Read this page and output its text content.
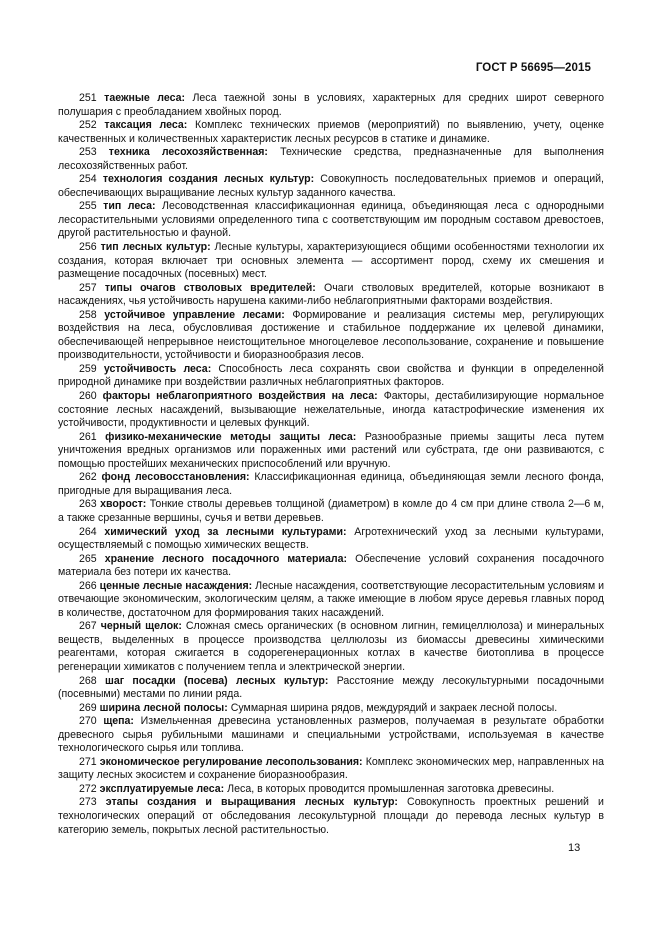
ГОСТ Р 56695—2015

251 таежные леса: Леса таежной зоны в условиях, характерных для средних широт северного полушария с преобладанием хвойных пород.

252 таксация леса: Комплекс технических приемов (мероприятий) по выявлению, учету, оценке качественных и количественных характеристик лесных ресурсов в статике и динамике.

253 техника лесохозяйственная: Технические средства, предназначенные для выполнения лесохозяйственных работ.

254 технология создания лесных культур: Совокупность последовательных приемов и операций, обеспечивающих выращивание лесных культур заданного качества.

255 тип леса: Лесоводственная классификационная единица, объединяющая леса с однородными лесорастительными условиями определенного типа с соответствующим им породным составом древостоев, другой растительностью и фауной.

256 тип лесных культур: Лесные культуры, характеризующиеся общими особенностями технологии их создания, которая включает три основных элемента — ассортимент пород, схему их смешения и размещение посадочных (посевных) мест.

257 типы очагов стволовых вредителей: Очаги стволовых вредителей, которые возникают в насаждениях, чья устойчивость нарушена какими-либо неблагоприятными факторами воздействия.

258 устойчивое управление лесами: Формирование и реализация системы мер, регулирующих воздействия на леса, обусловливая достижение и стабильное поддержание их целевой динамики, обеспечивающей непрерывное неистощительное многоцелевое лесопользование, сохранение и повышение производительности, устойчивости и биоразнообразия лесов.

259 устойчивость леса: Способность леса сохранять свои свойства и функции в определенной природной динамике при воздействии различных неблагоприятных факторов.

260 факторы неблагоприятного воздействия на леса: Факторы, дестабилизирующие нормальное состояние лесных насаждений, вызывающие нежелательные, иногда катастрофические изменения их устойчивости, продуктивности и целевых функций.

261 физико-механические методы защиты леса: Разнообразные приемы защиты леса путем уничтожения вредных организмов или пораженных ими растений или субстрата, где они развиваются, с помощью простейших механических приспособлений или вручную.

262 фонд лесовосстановления: Классификационная единица, объединяющая земли лесного фонда, пригодные для выращивания леса.

263 хворост: Тонкие стволы деревьев толщиной (диаметром) в комле до 4 см при длине ствола 2—6 м, а также срезанные вершины, сучья и ветви деревьев.

264 химический уход за лесными культурами: Агротехнический уход за лесными культурами, осуществляемый с помощью химических веществ.

265 хранение лесного посадочного материала: Обеспечение условий сохранения посадочного материала без потери их качества.

266 ценные лесные насаждения: Лесные насаждения, соответствующие лесорастительным условиям и отвечающие экономическим, экологическим целям, а также имеющие в любом ярусе деревья главных пород в количестве, достаточном для формирования таких насаждений.

267 черный щелок: Сложная смесь органических (в основном лигнин, гемицеллюлоза) и минеральных веществ, выделенных в процессе производства целлюлозы из биомассы древесины химическими реагентами, которая сжигается в содорегенерационных котлах в качестве биотоплива в процессе регенерации химикатов с получением тепла и электрической энергии.

268 шаг посадки (посева) лесных культур: Расстояние между лесокультурными посадочными (посевными) местами по линии ряда.

269 ширина лесной полосы: Суммарная ширина рядов, междурядий и закраек лесной полосы.

270 щепа: Измельченная древесина установленных размеров, получаемая в результате обработки древесного сырья рубильными машинами и специальными устройствами, используемая в качестве технологического сырья или топлива.

271 экономическое регулирование лесопользования: Комплекс экономических мер, направленных на защиту лесных экосистем и сохранение биоразнообразия.

272 эксплуатируемые леса: Леса, в которых проводится промышленная заготовка древесины.

273 этапы создания и выращивания лесных культур: Совокупность проектных решений и технологических операций от обследования лесокультурной площади до перевода лесных культур в категорию земель, покрытых лесной растительностью.

13
